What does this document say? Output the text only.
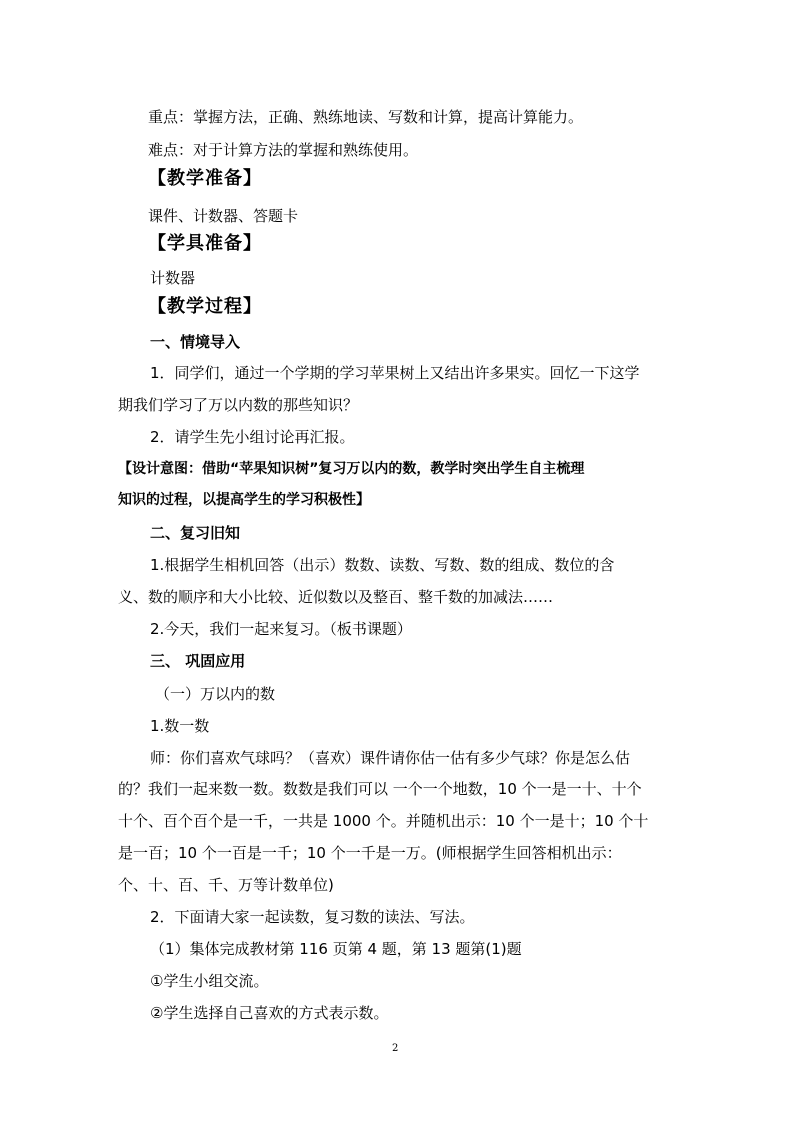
重点：掌握方法，正确、熟练地读、写数和计算，提高计算能力。
难点：对于计算方法的掌握和熟练使用。
【教学准备】
课件、计数器、答题卡
【学具准备】
计数器
【教学过程】
一、情境导入
1．同学们，通过一个学期的学习苹果树上又结出许多果实。回忆一下这学
期我们学习了万以内数的那些知识？
2．请学生先小组讨论再汇报。
【设计意图：借助“苹果知识树”复习万以内的数，教学时突出学生自主梳理
知识的过程，以提高学生的学习积极性】
二、复习旧知
1.根据学生相机回答（出示）数数、读数、写数、数的组成、数位的含
义、数的顺序和大小比较、近似数以及整百、整千数的加减法……
2.今天，我们一起来复习。（板书课题）
三、 巩固应用
（一）万以内的数
1.数一数
师：你们喜欢气球吗？（喜欢）课件请你估一估有多少气球？你是怎么估
的？我们一起来数一数。数数是我们可以 一个一个地数，10 个一是一十、十个
十个、百个百个是一千，一共是 1000 个。并随机出示：10 个一是十；10 个十
是一百；10 个一百是一千；10 个一千是一万。(师根据学生回答相机出示：
个、十、百、千、万等计数单位)
2．下面请大家一起读数，复习数的读法、写法。
（1）集体完成教材第 116 页第 4 题，第 13 题第(1)题
①学生小组交流。
②学生选择自己喜欢的方式表示数。
2
